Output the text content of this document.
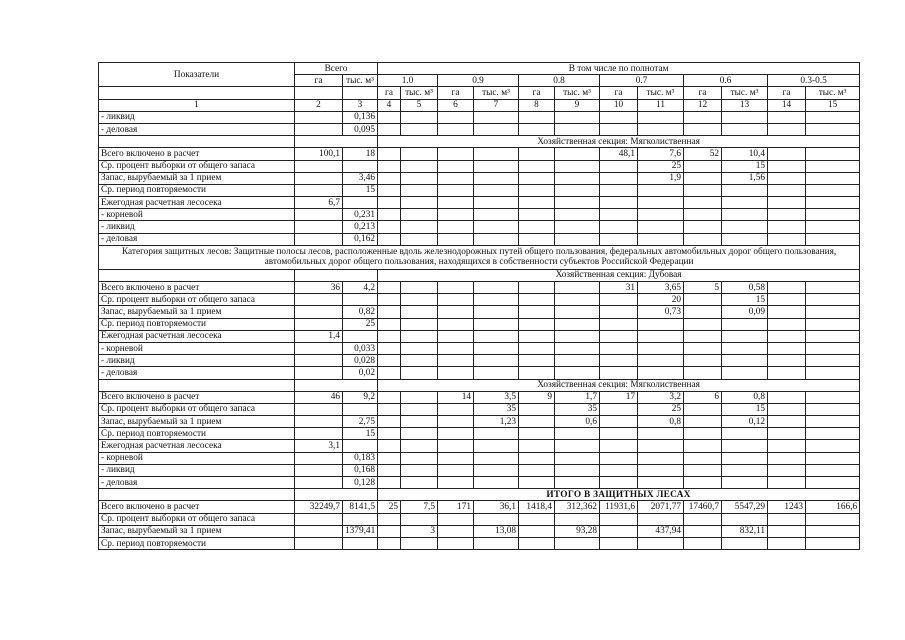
Показатели	Всего		В том числе по полнотам											
	га	тыс. м³	1.0		0.9		0.8		0.7		0.6		0.3-0.5	
			га	тыс. м³	га	тыс. м³	га	тыс. м³	га	тыс. м³	га	тыс. м³	га	тыс. м³
1	2	3	4	5	6	7	8	9	10	11	12	13	14	15
- ликвид		0,136												
- деловая		0,095												
			Хозяйственная секция: Мягколиственная											
Всего включено в расчет	100,1	18							48,1	7,6	52	10,4		
Ср. процент выборки от общего запаса										25		15		
Запас, вырубаемый за 1 прием		3,46								1,9		1,56		
Ср. период повторяемости		15												
Ежегодная расчетная лесосека	6,7													
- корневой		0,231												
- ликвид		0,213												
- деловая		0,162												
Категория защитных лесов: Защитные полосы лесов, расположенные вдоль железнодорожных путей общего пользования, федеральных автомобильных дорог общего пользования, автомобильных дорог общего пользования, находящихся в собственности субъектов Российской Федерации														
			Хозяйственная секция: Дубовая											
Всего включено в расчет	36	4,2							31	3,65	5	0,58		
Ср. процент выборки от общего запаса										20		15		
Запас, вырубаемый за 1 прием		0,82								0,73		0,09		
Ср. период повторяемости		25												
Ежегодная расчетная лесосека	1,4													
- корневой		0,033												
- ликвид		0,028												
- деловая		0,02												
			Хозяйственная секция: Мягколиственная											
Всего включено в расчет	46	9,2			14	3,5	9	1,7	17	3,2	6	0,8		
Ср. процент выборки от общего запаса						35		35		25		15		
Запас, вырубаемый за 1 прием		2,75				1,23		0,6		0,8		0,12		
Ср. период повторяемости		15												
Ежегодная расчетная лесосека	3,1													
- корневой		0,183												
- ликвид		0,168												
- деловая		0,128												
			ИТОГО В ЗАЩИТНЫХ ЛЕСАХ											
Всего включено в расчет	32249,7	8141,5	25	7,5	171	36,1	1418,4	312,362	11931,6	2071,77	17460,7	5547,29	1243	166,6
Ср. процент выборки от общего запаса														
Запас, вырубаемый за 1 прием		1379,41		3		13,08		93,28		437,94		832,11		
Ср. период повторяемости														
